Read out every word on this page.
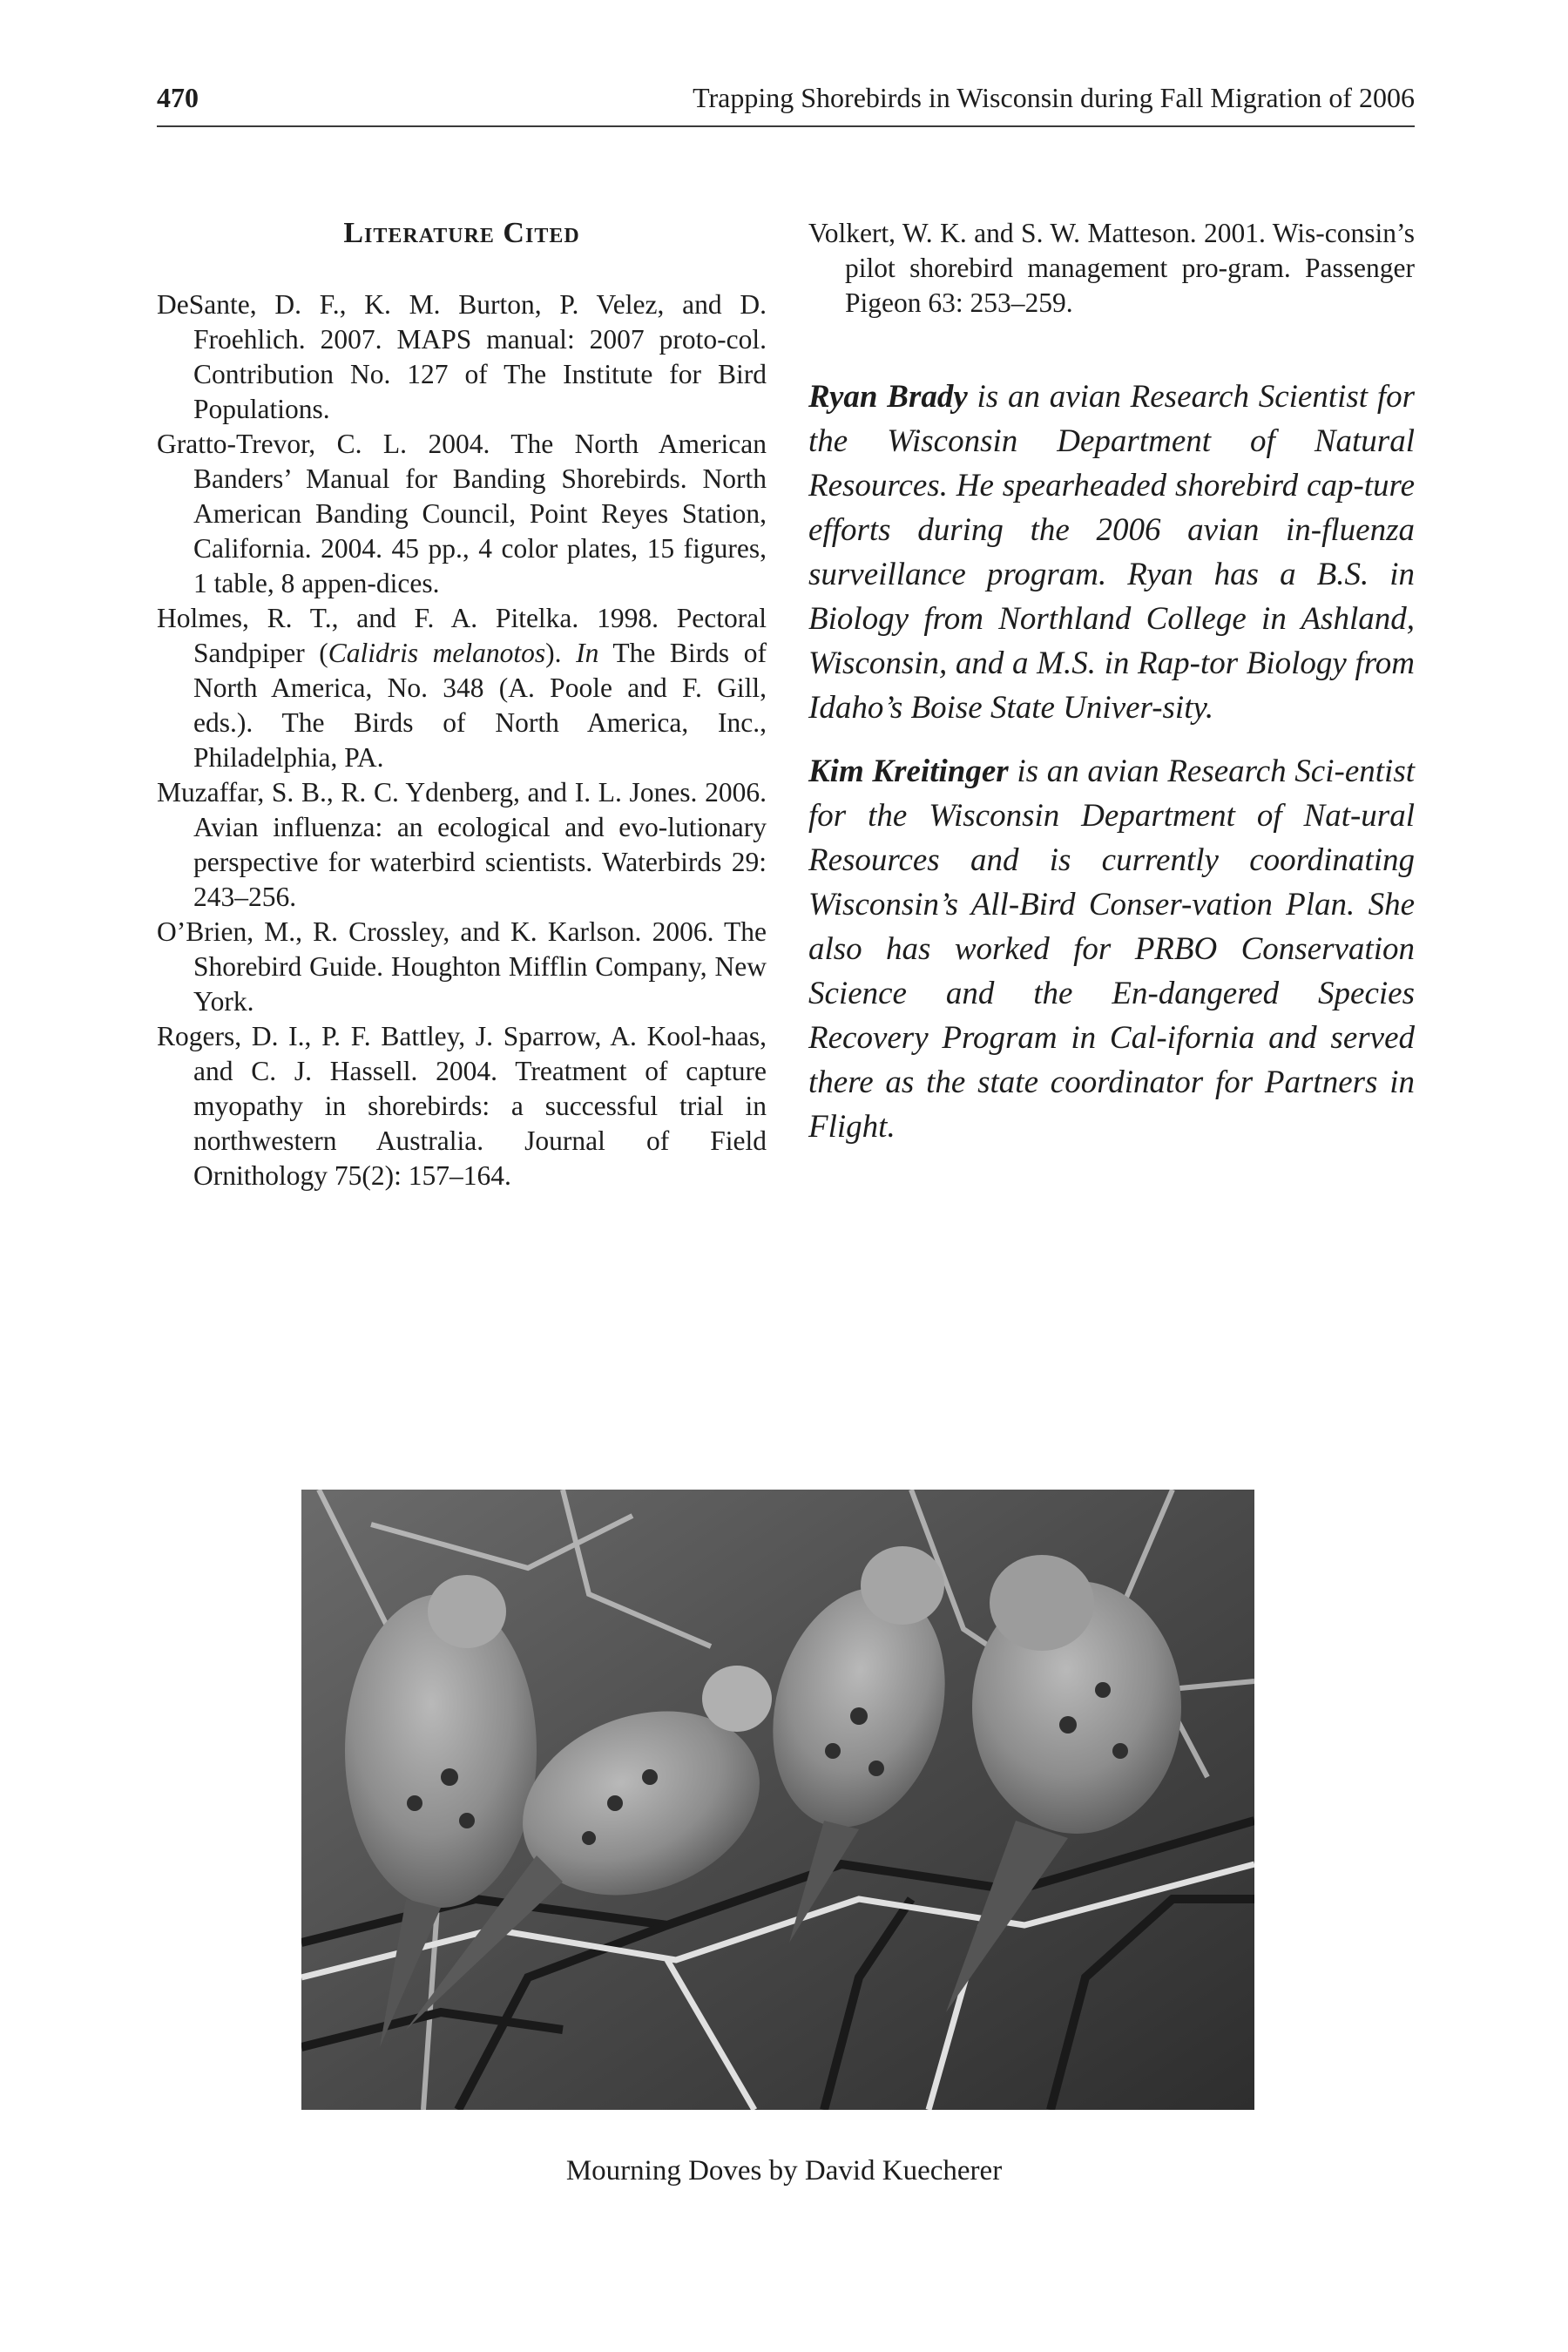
470	Trapping Shorebirds in Wisconsin during Fall Migration of 2006
Literature Cited

DeSante, D. F., K. M. Burton, P. Velez, and D. Froehlich. 2007. MAPS manual: 2007 proto-col. Contribution No. 127 of The Institute for Bird Populations.

Gratto-Trevor, C. L. 2004. The North American Banders’ Manual for Banding Shorebirds. North American Banding Council, Point Reyes Station, California. 2004. 45 pp., 4 color plates, 15 figures, 1 table, 8 appen-dices.

Holmes, R. T., and F. A. Pitelka. 1998. Pectoral Sandpiper (Calidris melanotos). In The Birds of North America, No. 348 (A. Poole and F. Gill, eds.). The Birds of North America, Inc., Philadelphia, PA.

Muzaffar, S. B., R. C. Ydenberg, and I. L. Jones. 2006. Avian influenza: an ecological and evo-lutionary perspective for waterbird scientists. Waterbirds 29: 243–256.

O’Brien, M., R. Crossley, and K. Karlson. 2006. The Shorebird Guide. Houghton Mifflin Company, New York.

Rogers, D. I., P. F. Battley, J. Sparrow, A. Kool-haas, and C. J. Hassell. 2004. Treatment of capture myopathy in shorebirds: a successful trial in northwestern Australia. Journal of Field Ornithology 75(2): 157–164.

Volkert, W. K. and S. W. Matteson. 2001. Wis-consin’s pilot shorebird management pro-gram. Passenger Pigeon 63: 253–259.

Ryan Brady is an avian Research Scientist for the Wisconsin Department of Natural Resources. He spearheaded shorebird cap-ture efforts during the 2006 avian in-fluenza surveillance program. Ryan has a B.S. in Biology from Northland College in Ashland, Wisconsin, and a M.S. in Rap-tor Biology from Idaho’s Boise State Univer-sity.

Kim Kreitinger is an avian Research Sci-entist for the Wisconsin Department of Nat-ural Resources and is currently coordinating Wisconsin’s All-Bird Conser-vation Plan. She also has worked for PRBO Conservation Science and the En-dangered Species Recovery Program in Cal-ifornia and served there as the state coordinator for Partners in Flight.

Mourning Doves by David Kuecherer
